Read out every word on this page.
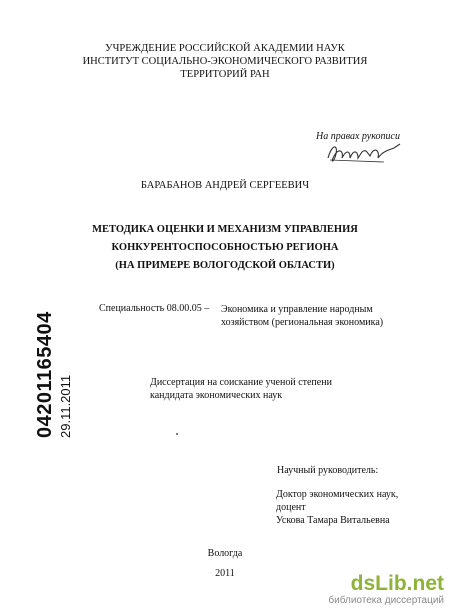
УЧРЕЖДЕНИЕ РОССИЙСКОЙ АКАДЕМИИ НАУК
ИНСТИТУТ СОЦИАЛЬНО-ЭКОНОМИЧЕСКОГО РАЗВИТИЯ
ТЕРРИТОРИЙ РАН
На правах рукописи
БАРАБАНОВ АНДРЕЙ СЕРГЕЕВИЧ
МЕТОДИКА ОЦЕНКИ И МЕХАНИЗМ УПРАВЛЕНИЯ
КОНКУРЕНТОСПОСОБНОСТЬЮ РЕГИОНА
(НА ПРИМЕРЕ ВОЛОГОДСКОЙ ОБЛАСТИ)
Специальность 08.00.05 – Экономика и управление народным
хозяйством (региональная экономика)
04201165404 29.11.2011	Диссертация на соискание ученой степени
кандидата экономических наук
Научный руководитель:
Доктор экономических наук,
доцент
Ускова Тамара Витальевна
Вологда
2011	dsLib.net
библиотека диссертаций
